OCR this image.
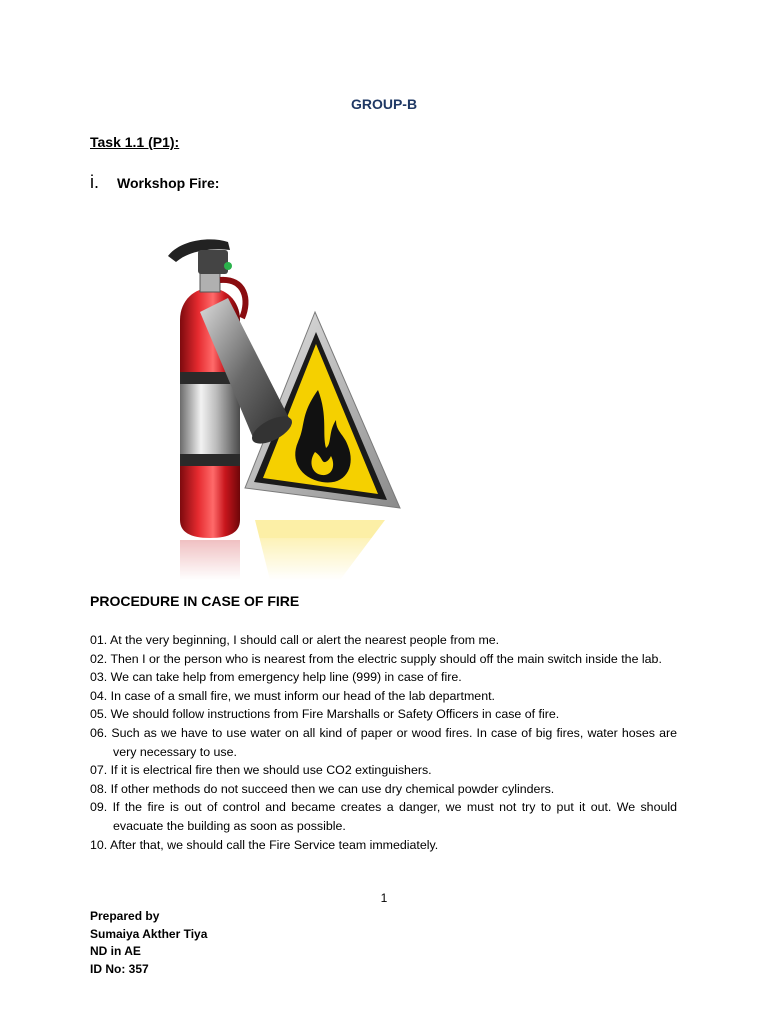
GROUP-B
Task 1.1 (P1):
i.	Workshop Fire:
PROCEDURE IN CASE OF FIRE
01. At the very beginning, I should call or alert the nearest people from me.
02. Then I or the person who is nearest from the electric supply should off the main switch inside the lab.
03. We can take help from emergency help line (999) in case of fire.
04. In case of a small fire, we must inform our head of the lab department.
05. We should follow instructions from Fire Marshalls or Safety Officers in case of fire.
06. Such as we have to use water on all kind of paper or wood fires. In case of big fires, water hoses are very necessary to use.
07. If it is electrical fire then we should use CO2 extinguishers.
08. If other methods do not succeed then we can use dry chemical powder cylinders.
09. If the fire is out of control and became creates a danger, we must not try to put it out. We should evacuate the building as soon as possible.
10. After that, we should call the Fire Service team immediately.
1
Prepared by
Sumaiya Akther Tiya
ND in AE
ID No: 357
